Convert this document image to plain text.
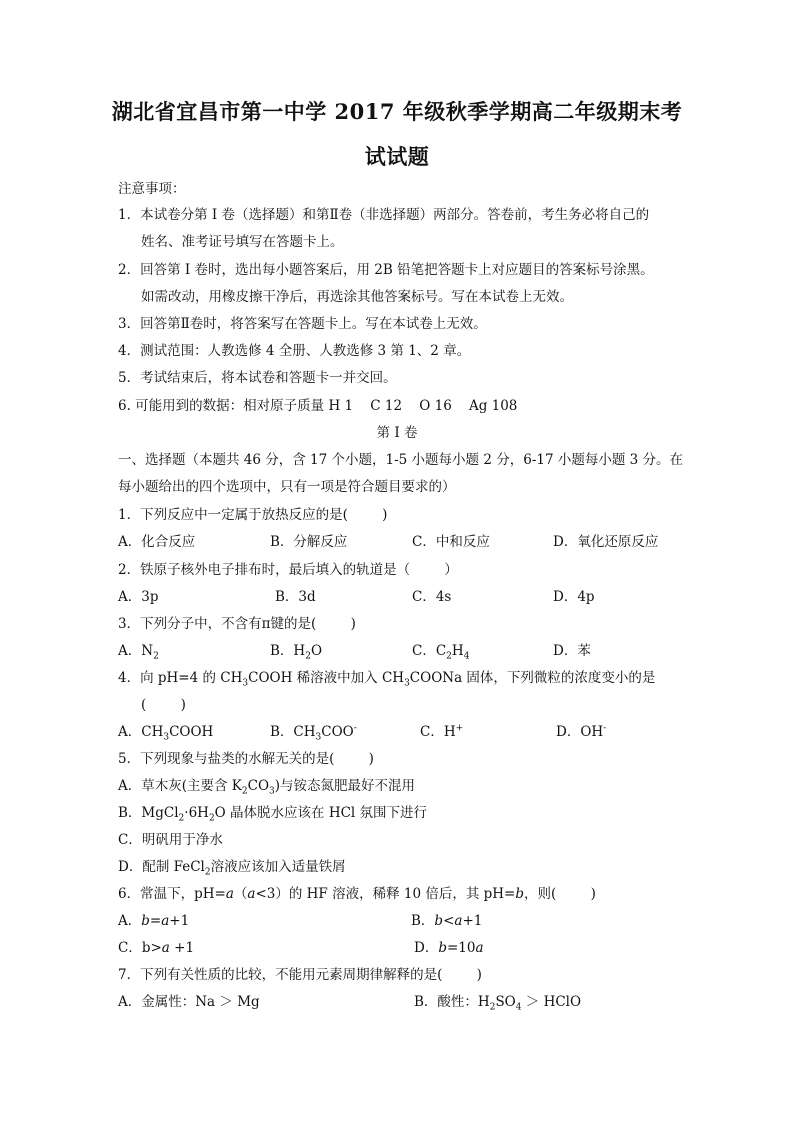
湖北省宜昌市第一中学 2017 年级秋季学期高二年级期末考
试试题
注意事项：
1．本试卷分第 I 卷（选择题）和第Ⅱ卷（非选择题）两部分。答卷前，考生务必将自己的
姓名、准考证号填写在答题卡上。
2．回答第 I 卷时，选出每小题答案后，用 2B 铅笔把答题卡上对应题目的答案标号涂黑。
如需改动，用橡皮擦干净后，再选涂其他答案标号。写在本试卷上无效。
3．回答第Ⅱ卷时，将答案写在答题卡上。写在本试卷上无效。
4．测试范围：人教选修 4 全册、人教选修 3 第 1、2 章。
5．考试结束后，将本试卷和答题卡一并交回。
6. 可能用到的数据：相对原子质量 H 1    C 12    O 16    Ag 108
第 I 卷
一、选择题（本题共 46 分，含 17 个小题，1-5 小题每小题 2 分，6-17 小题每小题 3 分。在
每小题给出的四个选项中，只有一项是符合题目要求的）
1．下列反应中一定属于放热反应的是(        )
A．化合反应	B．分解反应	C．中和反应	D．氧化还原反应
2．铁原子核外电子排布时，最后填入的轨道是（        ）
A．3p	B．3d	C．4s	D．4p
3．下列分子中，不含有π键的是(        )
A．$N_2$	B．$H_2O$	C．$C_2H_4$	D．苯
4．向 pH=4 的 $CH_3COOH$ 稀溶液中加入 $CH_3COONa$ 固体，下列微粒的浓度变小的是
(        )
A．$CH_3COOH$	B．$CH_3COO^-$	C．H+	D．OH-
5．下列现象与盐类的水解无关的是(        )
A．草木灰(主要含 $K_2CO_3$)与铵态氮肥最好不混用
B．$MgCl_2\cdot 6H_2O$ 晶体脱水应该在 HCl 氛围下进行
C．明矾用于净水
D．配制 FeCl$_2$溶液应该加入适量铁屑
6．常温下，pH=a（a<3）的 HF 溶液，稀释 10 倍后，其 pH=b，则(        )
A．b=a+1	B．b<a+1
C．b>a +1	D．b=10a
7．下列有关性质的比较，不能用元素周期律解释的是(        )
A．金属性：Na ＞ Mg	B．酸性：$H_2SO_4$ ＞ HClO
